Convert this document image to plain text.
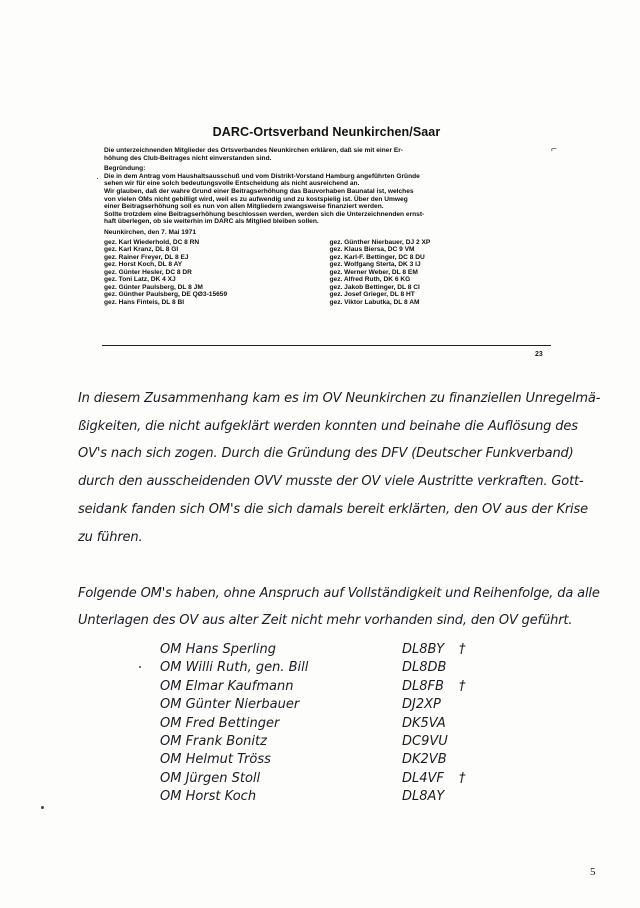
DARC-Ortsverband Neunkirchen/Saar

Die unterzeichnenden Mitglieder des Ortsverbandes Neunkirchen erklären, daß sie mit einer Er-

höhung des Club-Beitrages nicht einverstanden sind.

Begründung:

Die in dem Antrag vom Haushaltsausschuß und vom Distrikt-Vorstand Hamburg angeführten Gründe

sehen wir für eine solch bedeutungsvolle Entscheidung als nicht ausreichend an.

Wir glauben, daß der wahre Grund einer Beitragserhöhung das Bauvorhaben Baunatal ist, welches

von vielen OMs nicht gebilligt wird, weil es zu aufwendig und zu kostspielig ist. Über den Umweg

einer Beitragserhöhung soll es nun von allen Mitgliedern zwangsweise finanziert werden.

Sollte trotzdem eine Beitragserhöhung beschlossen werden, werden sich die Unterzeichnenden ernst-

haft überlegen, ob sie weiterhin im DARC als Mitglied bleiben sollen.

Neunkirchen, den 7. Mai 1971

gez. Karl Wiederhold, DC 8 RN
gez. Karl Kranz, DL 8 GI
gez. Rainer Freyer, DL 8 EJ
gez. Horst Koch, DL 8 AY
gez. Günter Hesler, DC 8 DR
gez. Toni Latz, DK 4 XJ
gez. Günter Paulsberg, DL 8 JM
gez. Günther Paulsberg, DE QØ3-15659
gez. Hans Finteis, DL 8 BI
gez. Günther Nierbauer, DJ 2 XP
gez. Klaus Biersa, DC 9 VM
gez. Karl-F. Bettinger, DC 8 DU
gez. Wolfgang Sterta, DK 3 IJ
gez. Werner Weber, DL 8 EM
gez. Alfred Ruth, DK 6 KG
gez. Jakob Bettinger, DL 8 CI
gez. Josef Grieger, DL 8 HT
gez. Viktor Labutka, DL 8 AM
·
⌐
23
In diesem Zusammenhang kam es im OV Neunkirchen zu finanziellen Unregelmä-
ßigkeiten, die nicht aufgeklärt werden konnten und beinahe die Auflösung des
OV's nach sich zogen. Durch die Gründung des DFV (Deutscher Funkverband)
durch den ausscheidenden OVV musste der OV viele Austritte verkraften. Gott-
seidank fanden sich OM's die sich damals bereit erklärten, den OV aus der Krise
zu führen.
Folgende OM's haben, ohne Anspruch auf Vollständigkeit und Reihenfolge, da alle
Unterlagen des OV aus alter Zeit nicht mehr vorhanden sind, den OV geführt.
OM Hans Sperling	DL8BY †
OM Willi Ruth, gen. Bill	DL8DB
OM Elmar Kaufmann	DL8FB †
OM Günter Nierbauer	DJ2XP
OM Fred Bettinger	DK5VA
OM Frank Bonitz	DC9VU
OM Helmut Tröss	DK2VB
OM Jürgen Stoll	DL4VF †
OM Horst Koch	DL8AY
5
